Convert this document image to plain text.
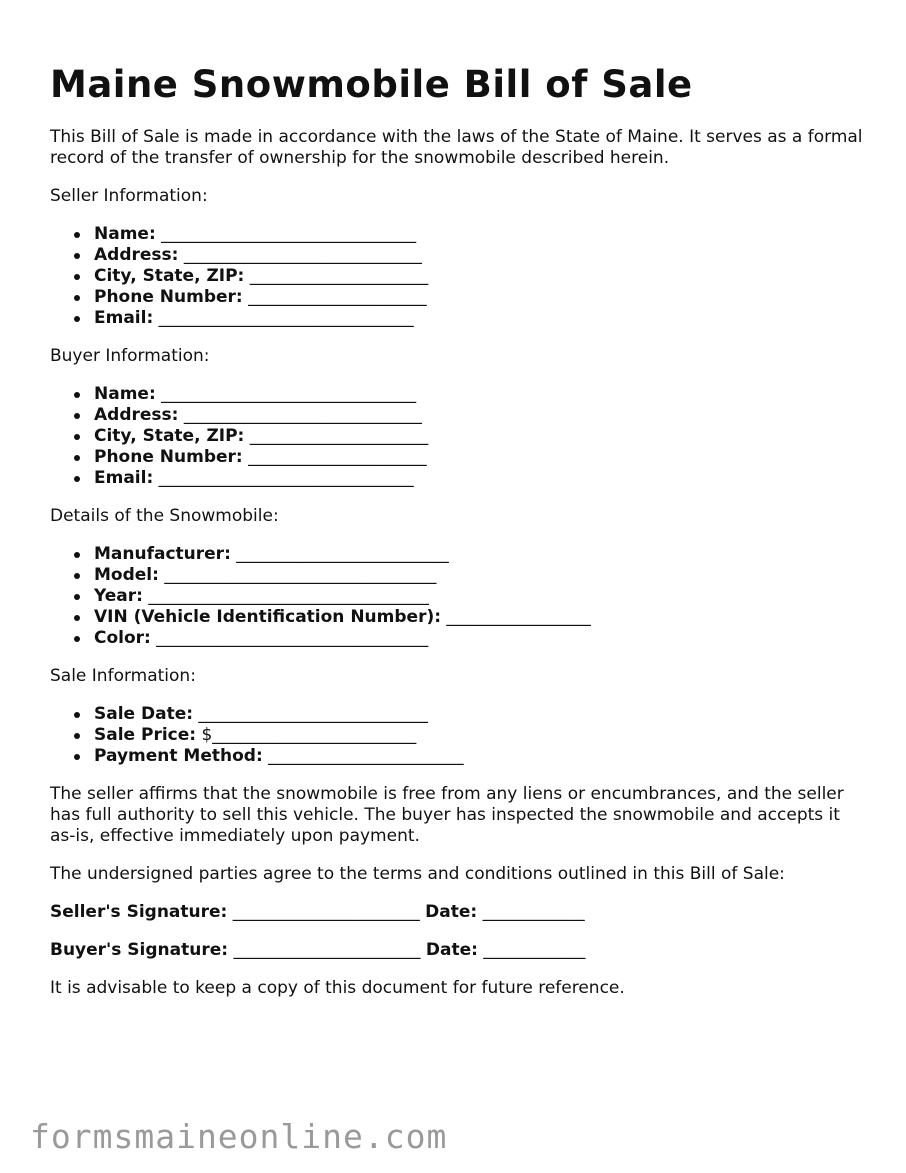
Maine Snowmobile Bill of Sale

This Bill of Sale is made in accordance with the laws of the State of Maine. It serves as a formal record of the transfer of ownership for the snowmobile described herein.

Seller Information:

Name: ______________________________
Address: ____________________________
City, State, ZIP: _____________________
Phone Number: _____________________
Email: ______________________________

Buyer Information:

Name: ______________________________
Address: ____________________________
City, State, ZIP: _____________________
Phone Number: _____________________
Email: ______________________________

Details of the Snowmobile:

Manufacturer: _________________________
Model: ________________________________
Year: _________________________________
VIN (Vehicle Identification Number): _________________
Color: ________________________________

Sale Information:

Sale Date: ___________________________
Sale Price: $________________________
Payment Method: _______________________

The seller affirms that the snowmobile is free from any liens or encumbrances, and the seller has full authority to sell this vehicle. The buyer has inspected the snowmobile and accepts it as-is, effective immediately upon payment.

The undersigned parties agree to the terms and conditions outlined in this Bill of Sale:

Seller's Signature: ______________________ Date: ____________

Buyer's Signature: ______________________ Date: ____________

It is advisable to keep a copy of this document for future reference.

formsmaineonline.com
